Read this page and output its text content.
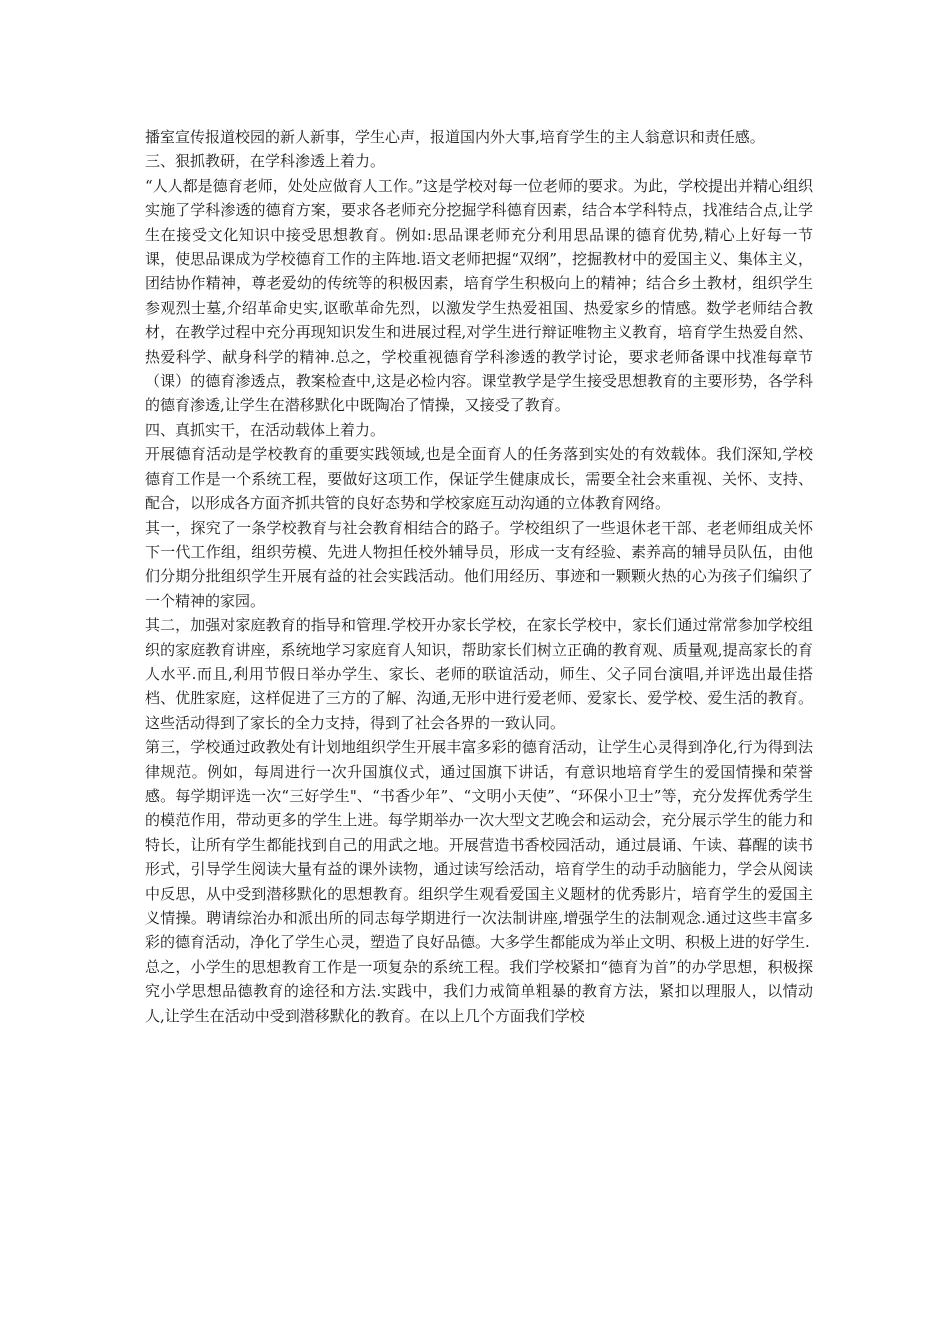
播室宣传报道校园的新人新事，学生心声，报道国内外大事,培育学生的主人翁意识和责任感。

三、狠抓教研，在学科渗透上着力。

“人人都是德育老师，处处应做育人工作。”这是学校对每一位老师的要求。为此，学校提出并精心组织实施了学科渗透的德育方案，要求各老师充分挖掘学科德育因素，结合本学科特点，找准结合点,让学生在接受文化知识中接受思想教育。例如:思品课老师充分利用思品课的德育优势,精心上好每一节课，使思品课成为学校德育工作的主阵地.语文老师把握“双纲”，挖掘教材中的爱国主义、集体主义，团结协作精神，尊老爱幼的传统等的积极因素，培育学生积极向上的精神；结合乡土教材，组织学生参观烈士墓,介绍革命史实,讴歌革命先烈，以激发学生热爱祖国、热爱家乡的情感。数学老师结合教材，在教学过程中充分再现知识发生和进展过程,对学生进行辩证唯物主义教育，培育学生热爱自然、热爱科学、献身科学的精神.总之，学校重视德育学科渗透的教学讨论，要求老师备课中找准每章节（课）的德育渗透点，教案检查中,这是必检内容。课堂教学是学生接受思想教育的主要形势，各学科的德育渗透,让学生在潜移默化中既陶冶了情操，又接受了教育。

四、真抓实干，在活动载体上着力。

开展德育活动是学校教育的重要实践领域,也是全面育人的任务落到实处的有效载体。我们深知,学校德育工作是一个系统工程，要做好这项工作，保证学生健康成长，需要全社会来重视、关怀、支持、配合，以形成各方面齐抓共管的良好态势和学校家庭互动沟通的立体教育网络。

其一，探究了一条学校教育与社会教育相结合的路子。学校组织了一些退休老干部、老老师组成关怀下一代工作组，组织劳模、先进人物担任校外辅导员，形成一支有经验、素养高的辅导员队伍，由他们分期分批组织学生开展有益的社会实践活动。他们用经历、事迹和一颗颗火热的心为孩子们编织了一个精神的家园。

其二，加强对家庭教育的指导和管理.学校开办家长学校，在家长学校中，家长们通过常常参加学校组织的家庭教育讲座，系统地学习家庭育人知识，帮助家长们树立正确的教育观、质量观,提高家长的育人水平.而且,利用节假日举办学生、家长、老师的联谊活动，师生、父子同台演唱,并评选出最佳搭档、优胜家庭，这样促进了三方的了解、沟通,无形中进行爱老师、爱家长、爱学校、爱生活的教育。这些活动得到了家长的全力支持，得到了社会各界的一致认同。

第三，学校通过政教处有计划地组织学生开展丰富多彩的德育活动，让学生心灵得到净化,行为得到法律规范。例如，每周进行一次升国旗仪式，通过国旗下讲话，有意识地培育学生的爱国情操和荣誉感。每学期评选一次“三好学生"、“书香少年”、“文明小天使”、“环保小卫士”等，充分发挥优秀学生的模范作用，带动更多的学生上进。每学期举办一次大型文艺晚会和运动会，充分展示学生的能力和特长，让所有学生都能找到自己的用武之地。开展营造书香校园活动，通过晨诵、午读、暮醒的读书形式，引导学生阅读大量有益的课外读物，通过读写绘活动，培育学生的动手动脑能力，学会从阅读中反思，从中受到潜移默化的思想教育。组织学生观看爱国主义题材的优秀影片，培育学生的爱国主义情操。聘请综治办和派出所的同志每学期进行一次法制讲座,增强学生的法制观念.通过这些丰富多彩的德育活动，净化了学生心灵，塑造了良好品德。大多学生都能成为举止文明、积极上进的好学生.

总之，小学生的思想教育工作是一项复杂的系统工程。我们学校紧扣“德育为首”的办学思想，积极探究小学思想品德教育的途径和方法.实践中，我们力戒简单粗暴的教育方法，紧扣以理服人，以情动人,让学生在活动中受到潜移默化的教育。在以上几个方面我们学校
